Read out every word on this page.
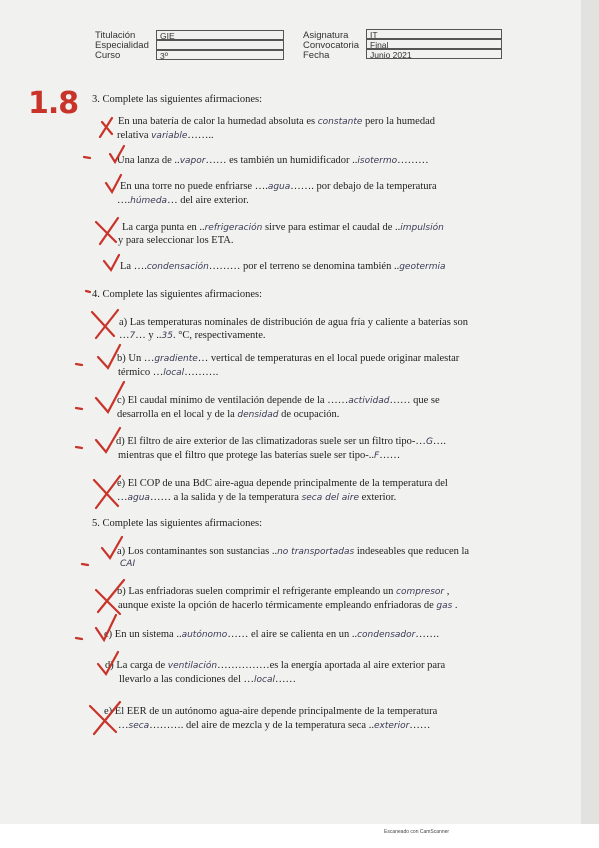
Titulación
Especialidad
Curso
GIE
3º
Asignatura
Convocatoria
Fecha
IT
Final
Junio 2021
1.8 3. Complete las siguientes afirmaciones:
En una batería de calor la humedad absoluta es constante pero la humedad
relativa variable……..
Una lanza de ..vapor…… es también un humidificador ..isotermo………
En una torre no puede enfriarse ….agua……. por debajo de la temperatura
….húmeda… del aire exterior.
La carga punta en ..refrigeración sirve para estimar el caudal de ..impulsión
y para seleccionar los ETA.
La ….condensación……… por el terreno se denomina también ..geotermia
4. Complete las siguientes afirmaciones:
a) Las temperaturas nominales de distribución de agua fría y caliente a baterías son
…7… y ..35. °C, respectivamente.
b) Un …gradiente… vertical de temperaturas en el local puede originar malestar
térmico …local……….
c) El caudal mínimo de ventilación depende de la ……actividad…… que se
desarrolla en el local y de la densidad de ocupación.
d) El filtro de aire exterior de las climatizadoras suele ser un filtro tipo-…G….
mientras que el filtro que protege las baterías suele ser tipo-..F……
e) El COP de una BdC aire-agua depende principalmente de la temperatura del
…agua…… a la salida y de la temperatura seca del aire exterior.
5. Complete las siguientes afirmaciones:
a) Los contaminantes son sustancias ..no transportadas indeseables que reducen la
CAI
b) Las enfriadoras suelen comprimir el refrigerante empleando un compresor ,
aunque existe la opción de hacerlo térmicamente empleando enfriadoras de gas .
c) En un sistema ..autónomo…… el aire se calienta en un ..condensador…….
d) La carga de ventilación……………es la energía aportada al aire exterior para
llevarlo a las condiciones del …local……
e) El EER de un autónomo agua-aire depende principalmente de la temperatura
…seca………. del aire de mezcla y de la temperatura seca ..exterior……
Escaneado con CamScanner
